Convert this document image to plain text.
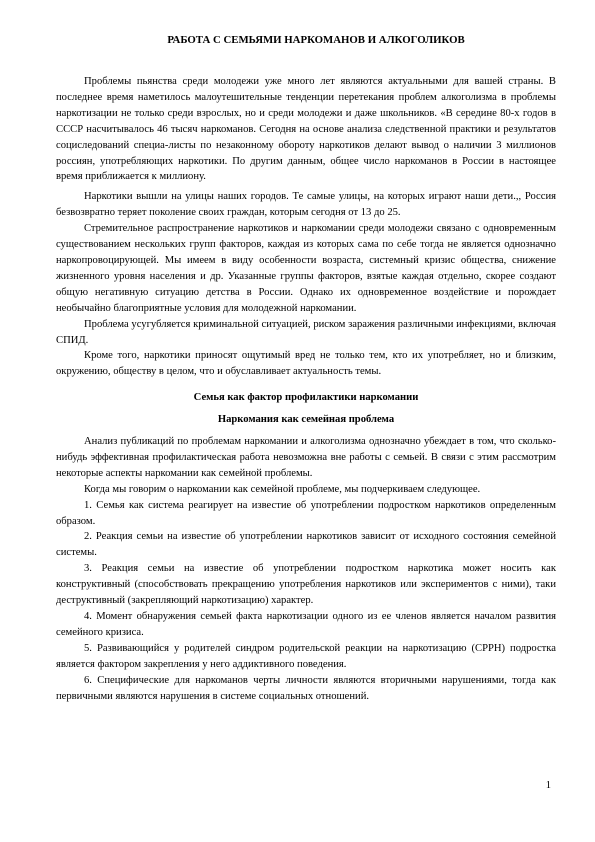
РАБОТА С СЕМЬЯМИ НАРКОМАНОВ И АЛКОГОЛИКОВ

Проблемы пьянства среди молодежи уже много лет являются актуальными для вашей страны. В последнее время наметилось малоутешительные тенденции перетекания проблем алкоголизма в проблемы наркотизации не только среди взрослых, но и среди молодежи и даже школьников. «В середине 80-х годов в СССР насчитывалось 46 тысяч наркоманов. Сегодня на основе анализа следственной практики и результатов социследований специа-листы по незаконному обороту наркотиков делают вывод о наличии 3 миллионов россиян, употребляющих наркотики. По другим данным, общее число наркоманов в России в настоящее время приближается к миллиону.

Наркотики вышли на улицы наших городов. Те самые улицы, на которых играют наши дети.,, Россия безвозвратно теряет поколение своих граждан, которым сегодня от 13 до 25.

Стремительное распространение наркотиков и наркомании среди молодежи связано с одновременным существованием нескольких групп факторов, каждая из которых сама по себе тогда не является однозначно наркопровоцирующей. Мы имеем в виду особенности возраста, системный кризис общества, снижение жизненного уровня населения и др. Указанные группы факторов, взятые каждая отдельно, скорее создают общую негативную ситуацию детства в России. Однако их одновременное воздействие и порождает необычайно благоприятные условия для молодежной наркомании.

Проблема усугубляется криминальной ситуацией, риском заражения различными инфекциями, включая СПИД.

Кроме того, наркотики приносят ощутимый вред не только тем, кто их употребляет, но и близким, окружению, обществу в целом, что и обуславливает актуальность темы.

Семья как фактор профилактики наркомании
Наркомания как семейная проблема

Анализ публикаций по проблемам наркомании и алкоголизма однозначно убеждает в том, что сколько-нибудь эффективная профилактическая работа невозможна вне работы с семьей. В связи с этим рассмотрим некоторые аспекты наркомании как семейной проблемы.

Когда мы говорим о наркомании как семейной проблеме, мы подчеркиваем следующее.

1. Семья как система реагирует на известие об употреблении подростком наркотиков определенным образом.

2. Реакция семьи на известие об употреблении наркотиков зависит от исходного состояния семейной системы.

3. Реакция семьи на известие об употреблении подростком наркотика может носить как конструктивный (способствовать прекращению употребления наркотиков или экспериментов с ними), таки деструктивный (закрепляющий наркотизацию) характер.

4. Момент обнаружения семьей факта наркотизации одного из ее членов является началом развития семейного кризиса.

5. Развивающийся у родителей синдром родительской реакции на наркотизацию (СРРН) подростка является фактором закрепления у него аддиктивного поведения.

6. Специфические для наркоманов черты личности являются вторичными нарушениями, тогда как первичными являются нарушения в системе социальных отношений.

1
